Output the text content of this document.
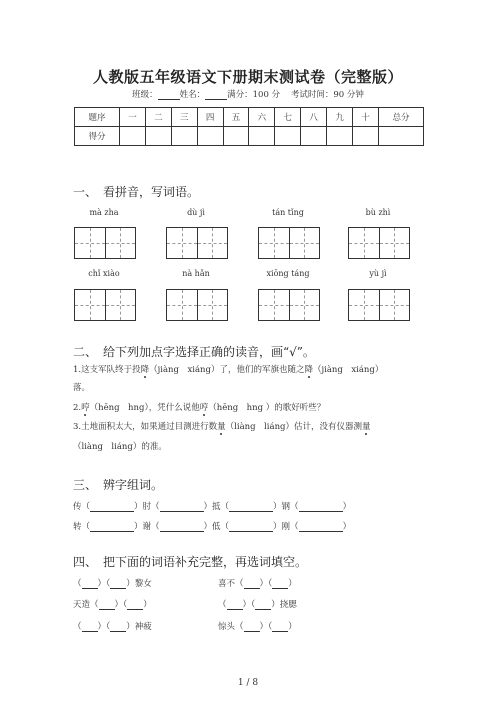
人教版五年级语文下册期末测试卷（完整版）
班级：	姓名：	满分：100 分 考试时间：90 分钟
题序	一	二	三	四	五	六	七	八	九	十	总分
得分											
一、　看拼音，写词语。
mà zha	dù jì	tán tǐng	bù zhì
chǐ xiào	nà hǎn	xiōng táng	yù jì
二、　给下列加点字选择正确的读音，画“√”。
1.这支军队终于投降（jiàng　xiáng）了，他们的军旗也随之降（jiàng　xiáng）
落。
2.哼（hēng　hng），凭什么说他哼（hēng　hng ）的歌好听些？
3.土地面积太大，如果通过目测进行数量（liàng　liáng）估计，没有仪器测量
（liàng　liáng）的准。
三、　辨字组词。
传（	）肘（	）抵（	）钢（	）
转（	）谢（	）低（	）刚（	）
四、　把下面的词语补充完整，再选词填空。
（ ）（ ）黎女
天造（ ）（ ）
（ ）（ ）神疲
喜不（ ）（ ）
（ ）（ ）挠腮
惊头（ ）（ ）
1 / 8
